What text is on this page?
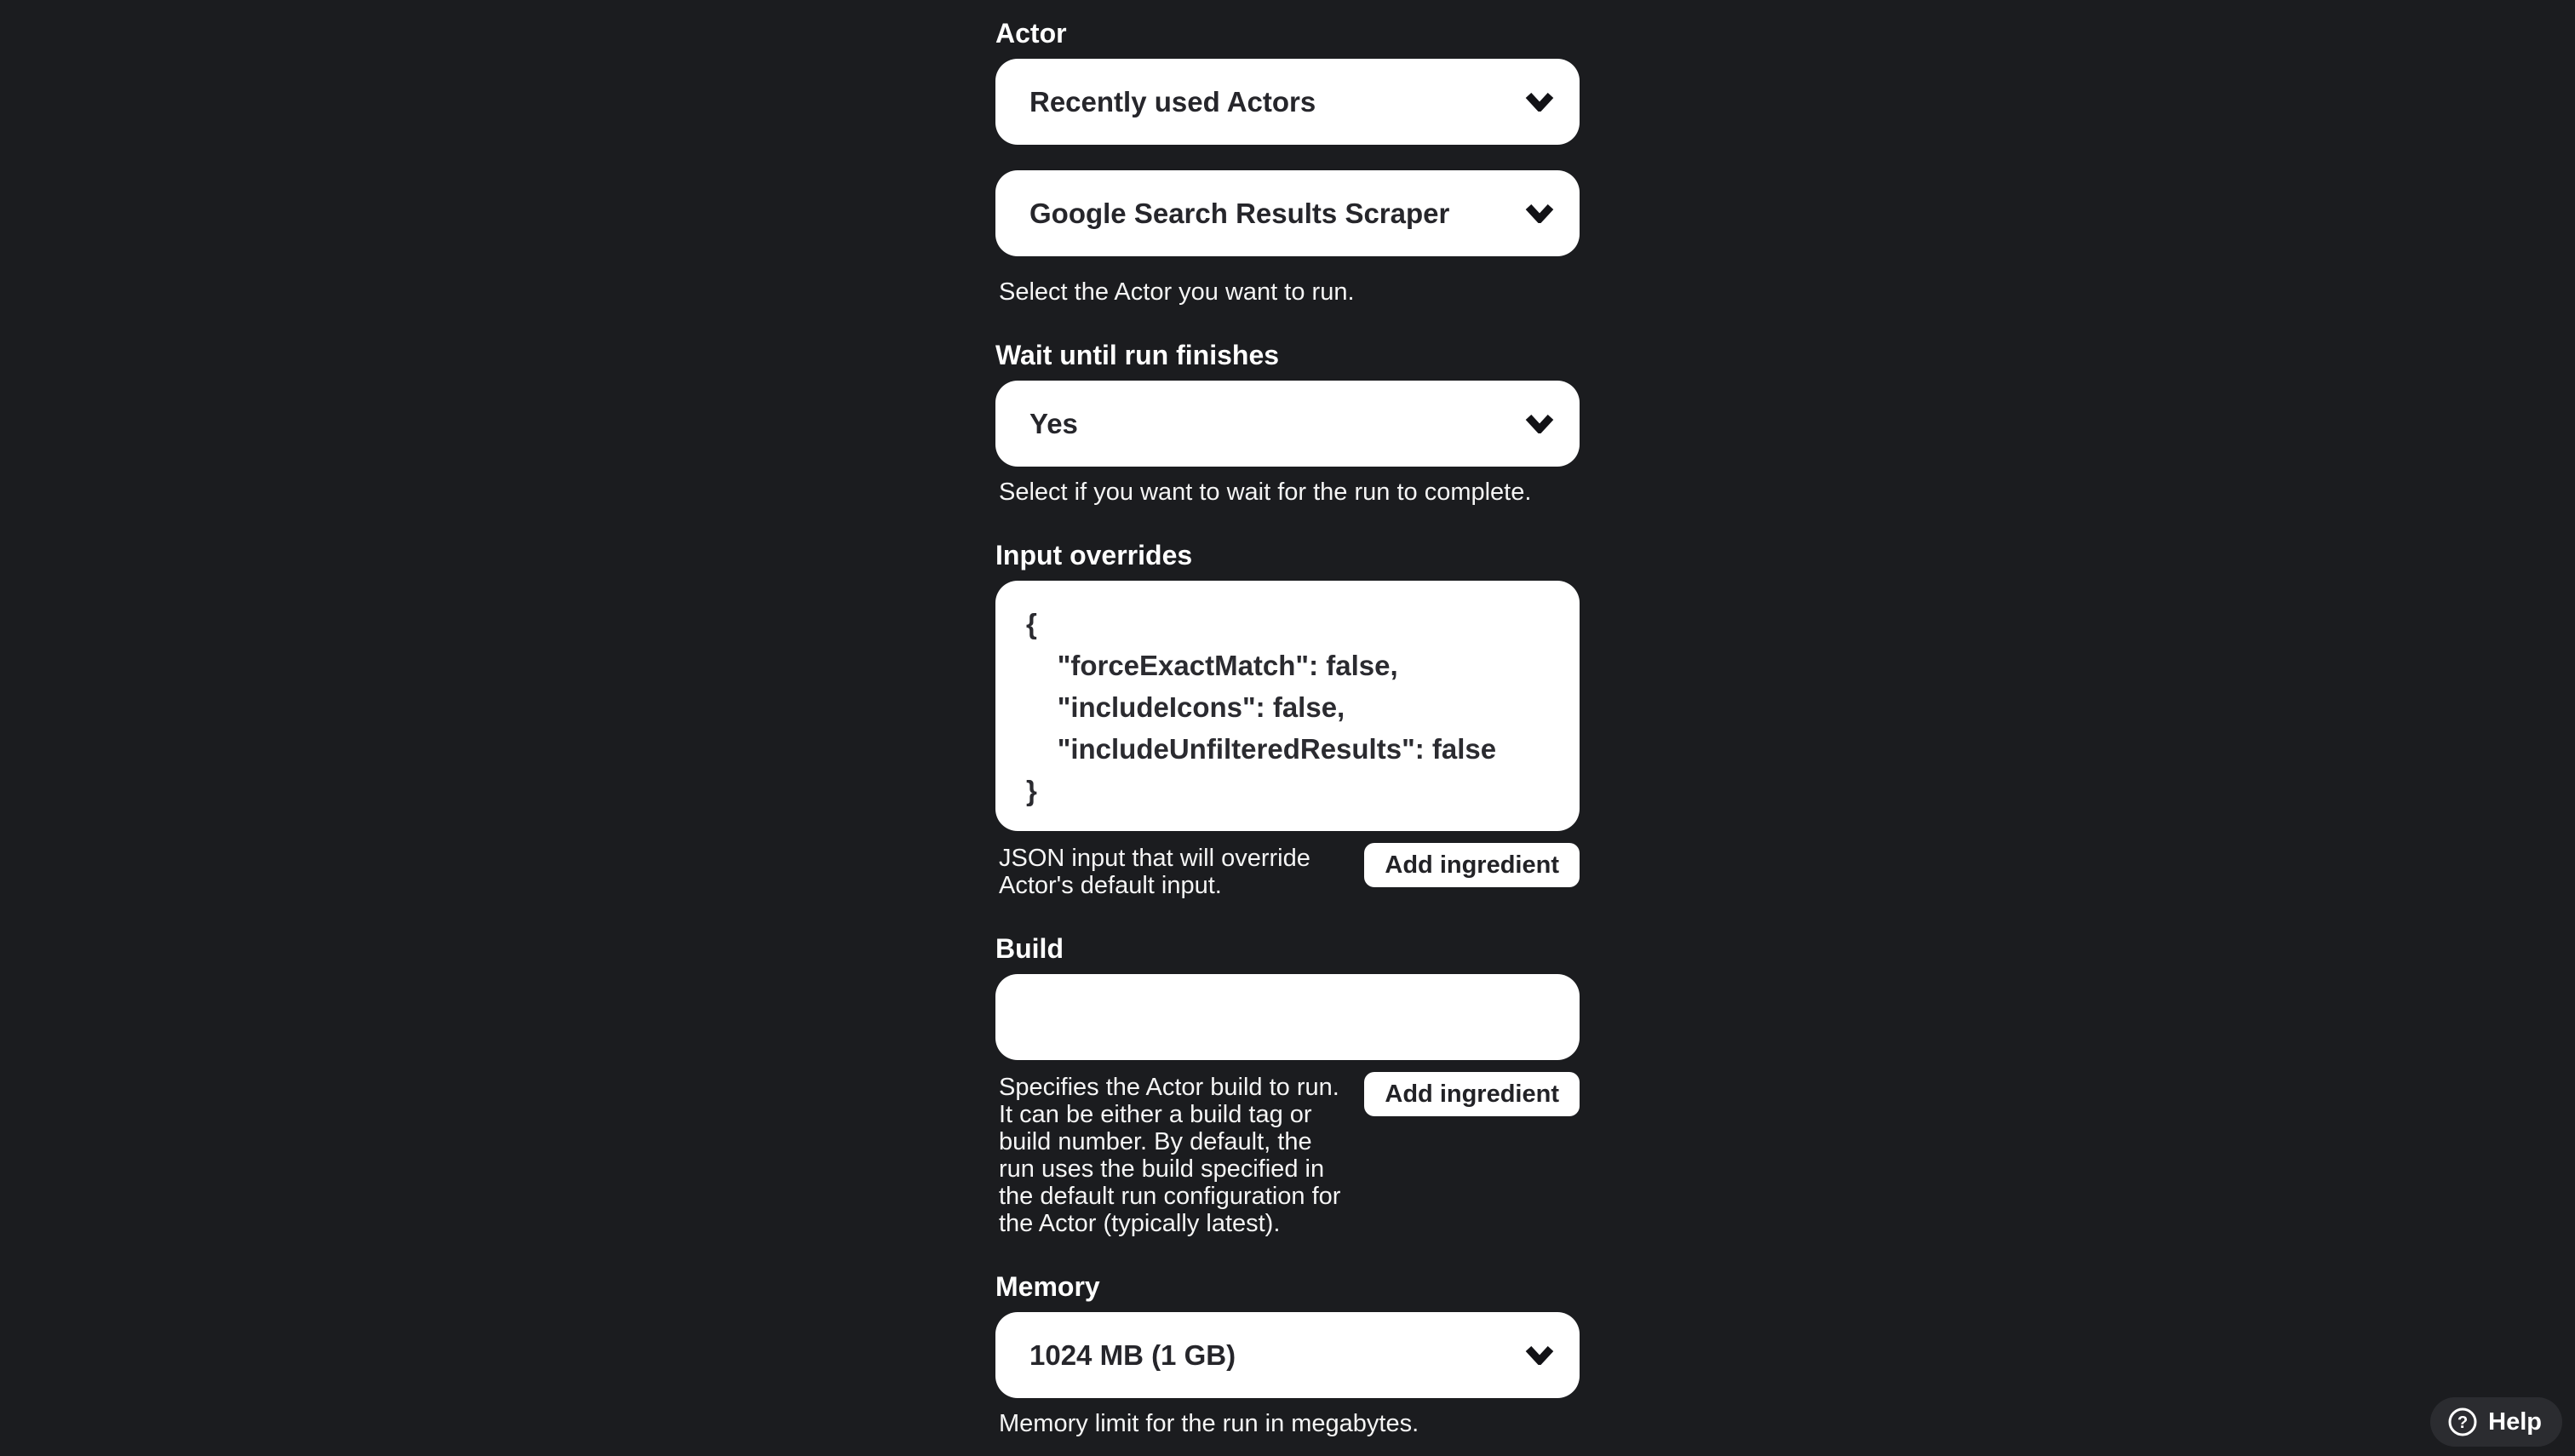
Actor
Recently used Actors
Google Search Results Scraper
Select the Actor you want to run.
Wait until run finishes
Yes
Select if you want to wait for the run to complete.
Input overrides
{ "forceExactMatch": false, "includeIcons": false, "includeUnfilteredResults": false }
JSON input that will override Actor's default input.
Add ingredient
Build
Specifies the Actor build to run. It can be either a build tag or build number. By default, the run uses the build specified in the default run configuration for the Actor (typically latest).
Add ingredient
Memory
1024 MB (1 GB)
Memory limit for the run in megabytes.	? Help
